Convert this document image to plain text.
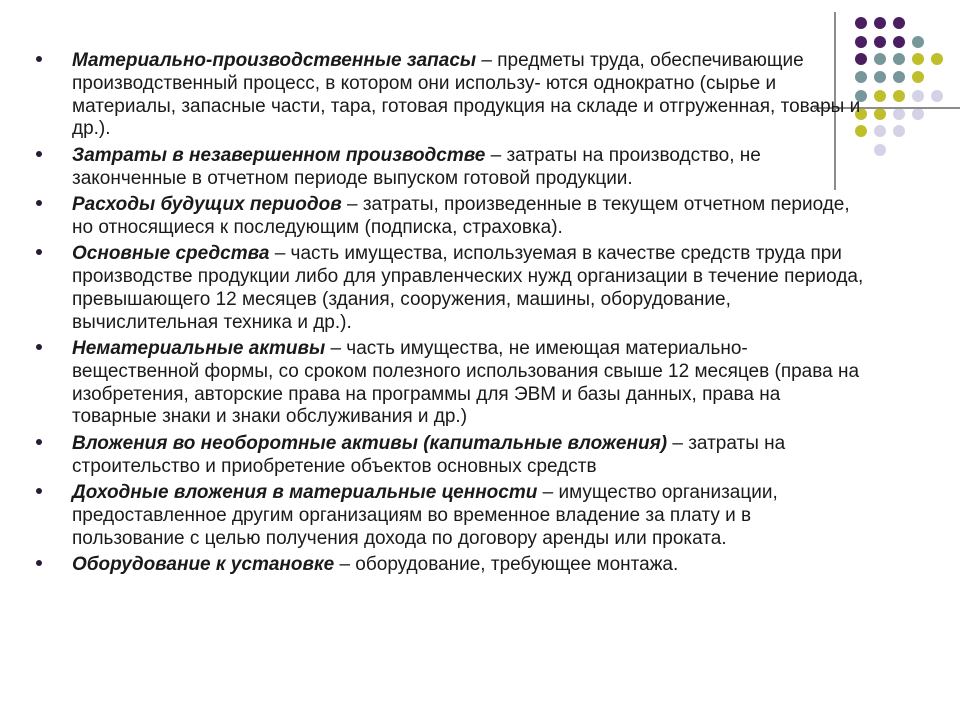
Материально-производственные запасы – предметы труда, обеспечивающие производственный процесс, в котором они использу- ются однократно (сырье и материалы, запасные части, тара, готовая продукция на складе и отгруженная, товары и др.).
Затраты в незавершенном производстве – затраты на производство, не законченные в отчетном периоде выпуском готовой продукции.
Расходы будущих периодов – затраты, произведенные в текущем отчетном периоде, но относящиеся к последующим (подписка, страховка).
Основные средства – часть имущества, используемая в качестве средств труда при производстве продукции либо для управленческих нужд организации в течение периода, превышающего 12 месяцев (здания, сооружения, машины, оборудование, вычислительная техника и др.).
Нематериальные активы – часть имущества, не имеющая материально-вещественной формы, со сроком полезного использования свыше 12 месяцев (права на изобретения, авторские права на программы для ЭВМ и базы данных, права на товарные знаки и знаки обслуживания и др.)
Вложения во необоротные активы (капитальные вложения) – затраты на строительство и приобретение объектов основных средств
Доходные вложения в материальные ценности – имущество организации, предоставленное другим организациям во временное владение за плату и в пользование с целью получения дохода по договору аренды или проката.
Оборудование к установке – оборудование, требующее монтажа.
